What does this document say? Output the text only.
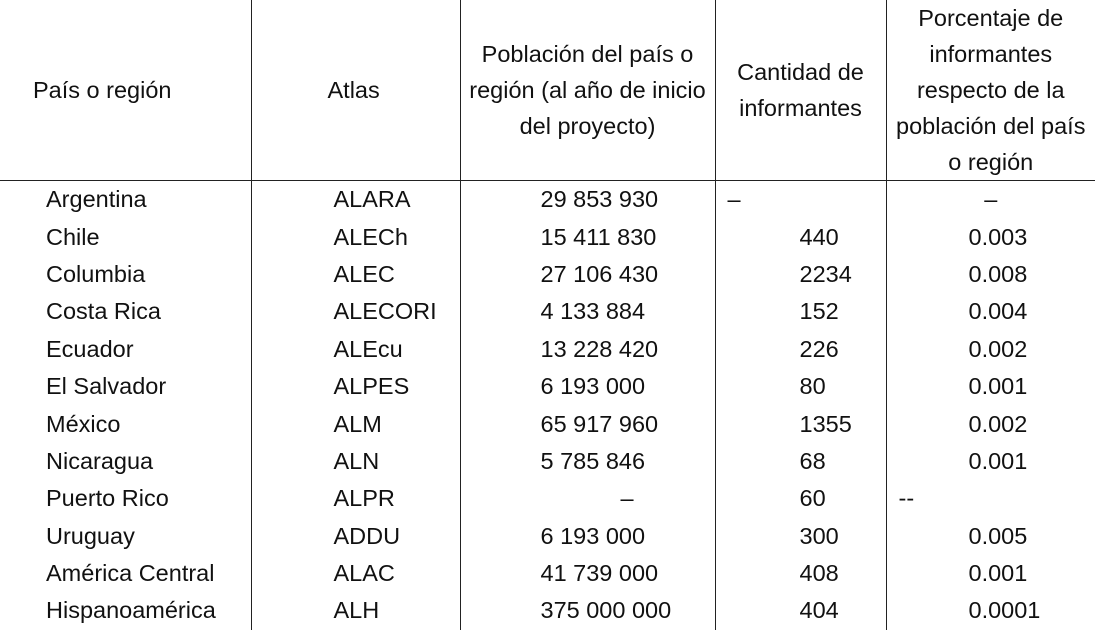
País o región	Atlas	Población del país o región (al año de inicio del proyecto)	Cantidad de informantes	Porcentaje de informantes respecto de la población del país o región
Argentina	ALARA	29 853 930	–	–
Chile	ALECh	15 411 830	440	0.003
Columbia	ALEC	27 106 430	2234	0.008
Costa Rica	ALECORI	4 133 884	152	0.004
Ecuador	ALEcu	13 228 420	226	0.002
El Salvador	ALPES	6 193 000	80	0.001
México	ALM	65 917 960	1355	0.002
Nicaragua	ALN	5 785 846	68	0.001
Puerto Rico	ALPR	–	60	--
Uruguay	ADDU	6 193 000	300	0.005
América Central	ALAC	41 739 000	408	0.001
Hispanoamérica	ALH	375 000 000	404	0.0001
